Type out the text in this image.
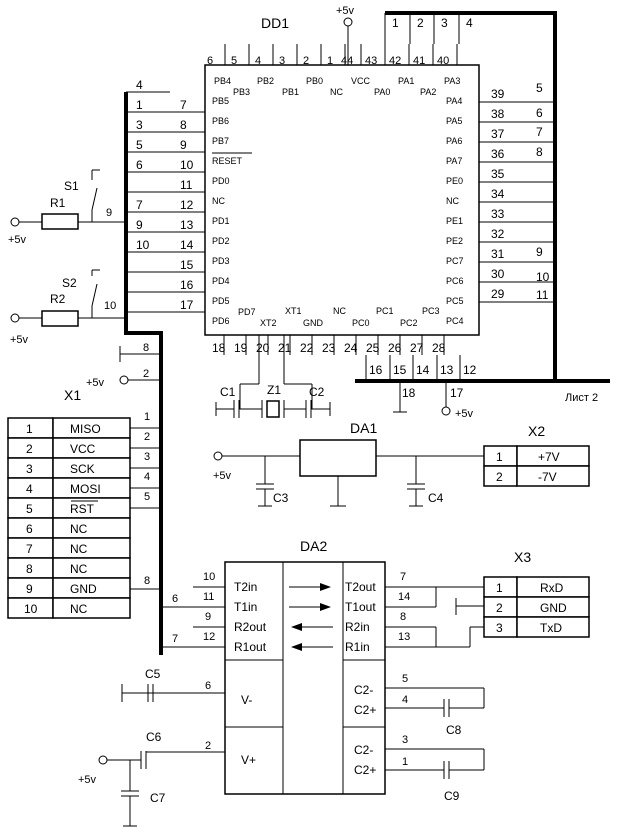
DD1
6 5 4 3 2 1 44 43 42 41 40
PB4	PB2	PB0	VCC	PA1	PA3
PB3	PB1	NC	PA0	PA2
PB5
PB6
PB7
RESET
PD0
NC
PD1
PD2
PD3
PD4
PD5
PD6
7
8
9
10
11
12
13
14
15
16
17
PA4
PA5
PA6
PA7
PE0
NC
PE1
PE2
PC7
PC6
PC5
PC4
39
38
37
36
35
34
33
32
31
30
29
5
6
7
8
9
10
11
PD7
XT2
XT1
GND
NC
PC0
PC1
PC2
PC3
18 19 20 21 22 23 24 25 26 27 28
+5v
1 2 3 4
4
1
3
5
6
7
9
10
+5v
R1
S1
9
+5v
R2
S2
10
8
2
+5v
16 15 14 13 12
18	17	Лист 2
+5v
C1	Z1 C2
X1
1	MISO
1
2	VCC
2
3	SCK
3
4	MOSI
4
5	RST
5
6	NC
7	NC
8	NC
9	GND
10	NC
DA1
+5v
C3	C4
X2
1	+7V
2	-7V
DA2
T2in
T1in
R2out
R1out
T2out
T1out
R2in
R1in
V-
V+
C2-
C2+
C2-
C2+
10
11
6
9
12
7
6
2
C5
+5v
C6
C7
7
14
8
13
X3
1	RxD
2	GND
3	TxD
5
4
C8
3
1
C9
8
